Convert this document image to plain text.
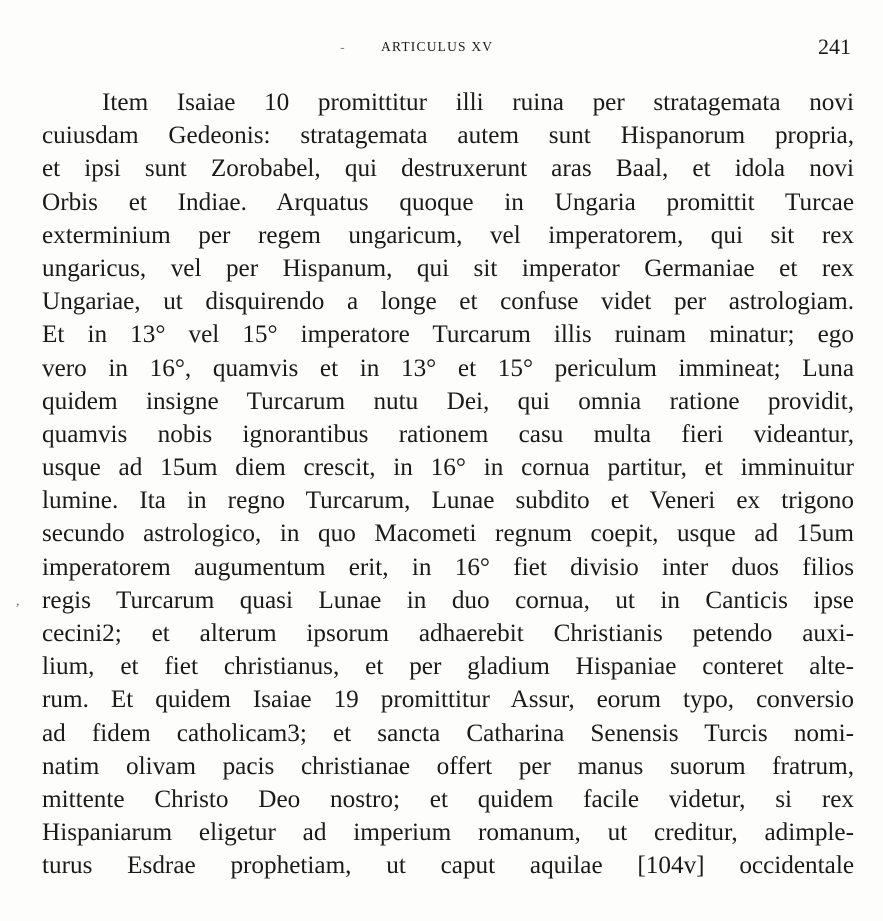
-	ARTICULUS XV	241
,
Item Isaiae 10 promittitur illi ruina per stratagemata novi
cuiusdam Gedeonis: stratagemata autem sunt Hispanorum propria,
et ipsi sunt Zorobabel, qui destruxerunt aras Baal, et idola novi
Orbis et Indiae. Arquatus quoque in Ungaria promittit Turcae
exterminium per regem ungaricum, vel imperatorem, qui sit rex
ungaricus, vel per Hispanum, qui sit imperator Germaniae et rex
Ungariae, ut disquirendo a longe et confuse videt per astrologiam.
Et in 13° vel 15° imperatore Turcarum illis ruinam minatur; ego
vero in 16°, quamvis et in 13° et 15° periculum immineat; Luna
quidem insigne Turcarum nutu Dei, qui omnia ratione providit,
quamvis nobis ignorantibus rationem casu multa fieri videantur,
usque ad 15um diem crescit, in 16° in cornua partitur, et imminuitur
lumine. Ita in regno Turcarum, Lunae subdito et Veneri ex trigono
secundo astrologico, in quo Macometi regnum coepit, usque ad 15um
imperatorem augumentum erit, in 16° fiet divisio inter duos filios
regis Turcarum quasi Lunae in duo cornua, ut in Canticis ipse
cecini2; et alterum ipsorum adhaerebit Christianis petendo auxi-
lium, et fiet christianus, et per gladium Hispaniae conteret alte-
rum. Et quidem Isaiae 19 promittitur Assur, eorum typo, conversio
ad fidem catholicam3; et sancta Catharina Senensis Turcis nomi-
natim olivam pacis christianae offert per manus suorum fratrum,
mittente Christo Deo nostro; et quidem facile videtur, si rex
Hispaniarum eligetur ad imperium romanum, ut creditur, adimple-
turus Esdrae prophetiam, ut caput aquilae [104v] occidentale
